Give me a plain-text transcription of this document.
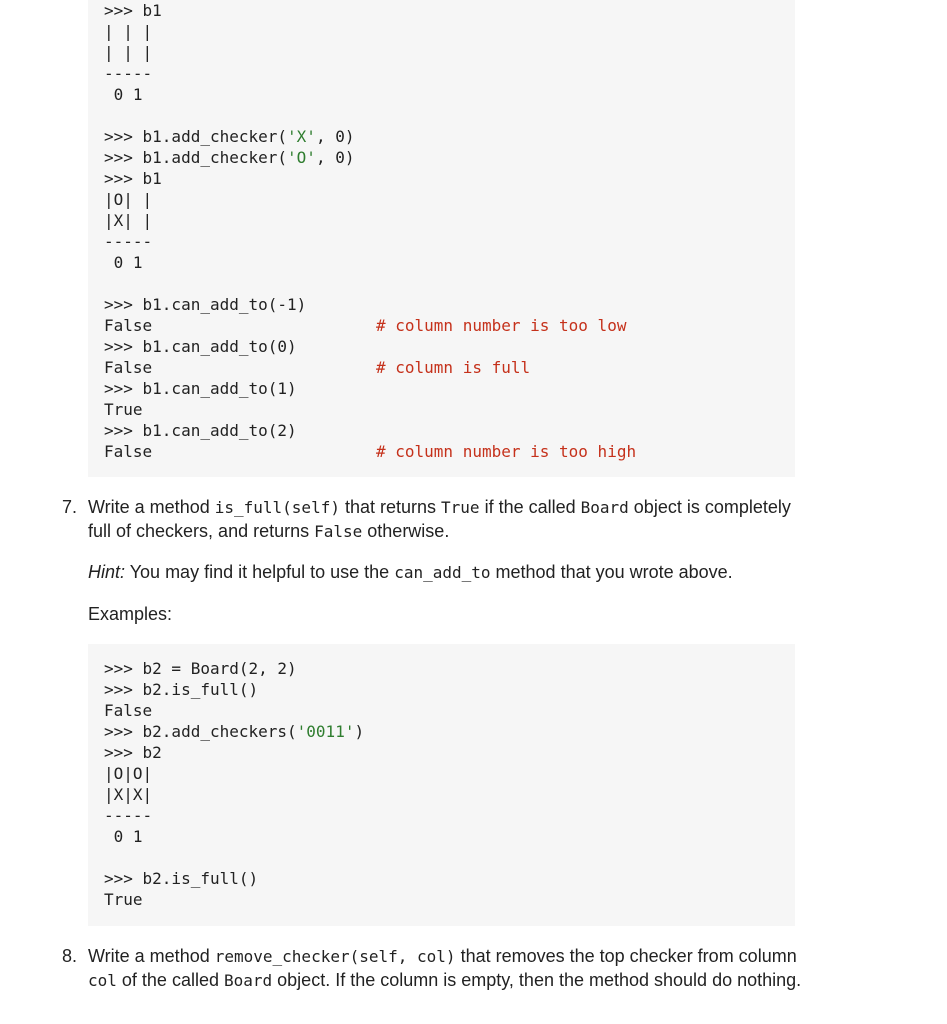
>>> b1
| | |
| | |
-----
0 1
>>> b1.add_checker('X', 0)
>>> b1.add_checker('O', 0)
>>> b1
|O| |
|X| |
-----
0 1
>>> b1.can_add_to(-1)
False	# column number is too low
>>> b1.can_add_to(0)
False	# column is full
>>> b1.can_add_to(1)
True
>>> b1.can_add_to(2)
False	# column number is too high
7. Write a method is_full(self) that returns True if the called Board object is completely full of checkers, and returns False otherwise.

Hint: You may find it helpful to use the can_add_to method that you wrote above.

Examples:

>>> b2 = Board(2, 2)
>>> b2.is_full()
False
>>> b2.add_checkers('0011')
>>> b2
|O|O|
|X|X|
-----
0 1
>>> b2.is_full()
True
8. Write a method remove_checker(self, col) that removes the top checker from column col of the called Board object. If the column is empty, then the method should do nothing.
